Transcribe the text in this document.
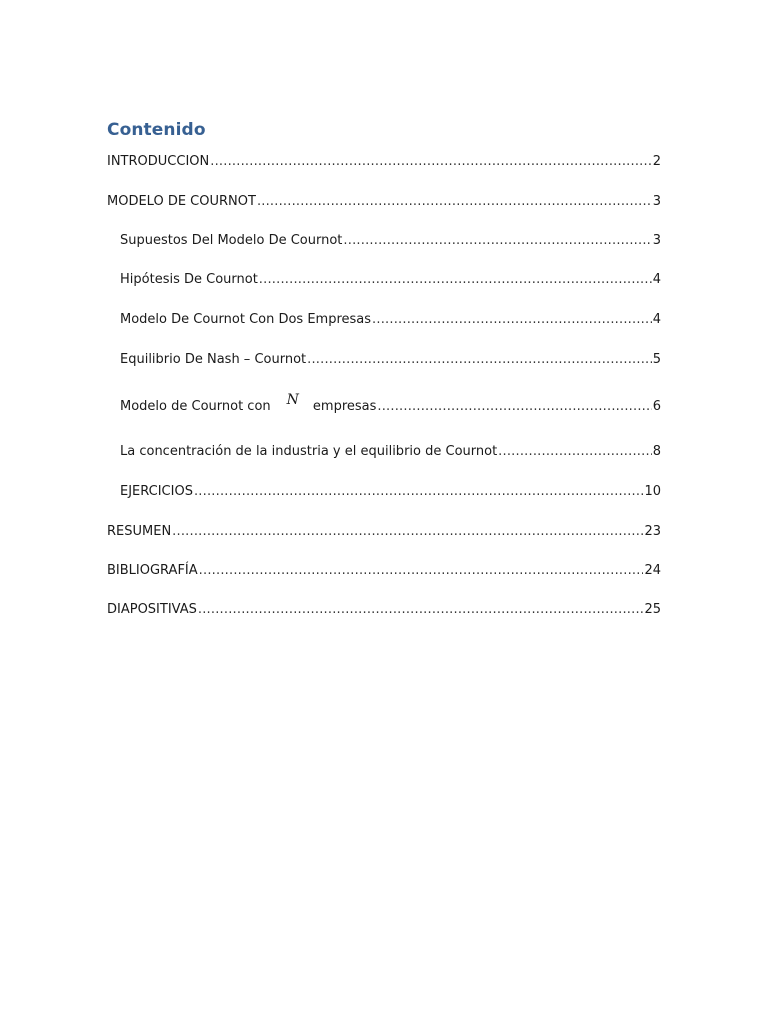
Contenido
INTRODUCCION .....	2
MODELO DE COURNOT .....	3
Supuestos Del Modelo De Cournot .....	3
Hipótesis De Cournot .....	4
Modelo De Cournot Con Dos Empresas .....	4
Equilibrio De Nash – Cournot .....	5
Modelo de Cournot con N empresas .....	6
La concentración de la industria y el equilibrio de Cournot .....	8
EJERCICIOS .....	10
RESUMEN .....	23
BIBLIOGRAFÍA .....	24
DIAPOSITIVAS .....	25
